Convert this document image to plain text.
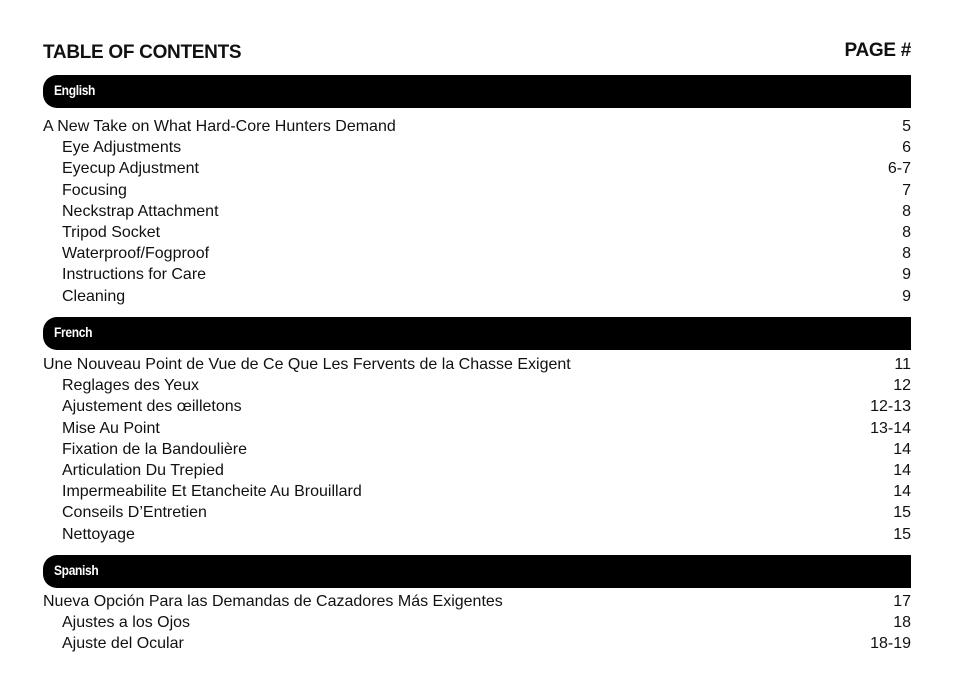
TABLE OF CONTENTS	PAGE #
English
A New Take on What Hard-Core Hunters Demand	5
Eye Adjustments	6
Eyecup Adjustment	6-7
Focusing	7
Neckstrap Attachment	8
Tripod Socket	8
Waterproof/Fogproof	8
Instructions for Care	9
Cleaning	9
French
Une Nouveau Point de Vue de Ce Que Les Fervents de la Chasse Exigent	11
Reglages des Yeux	12
Ajustement des œilletons	12-13
Mise Au Point	13-14
Fixation de la Bandoulière	14
Articulation Du Trepied	14
Impermeabilite Et Etancheite Au Brouillard	14
Conseils D’Entretien	15
Nettoyage	15
Spanish
Nueva Opción Para las Demandas de Cazadores Más Exigentes	17
Ajustes a los Ojos	18
Ajuste del Ocular	18-19
